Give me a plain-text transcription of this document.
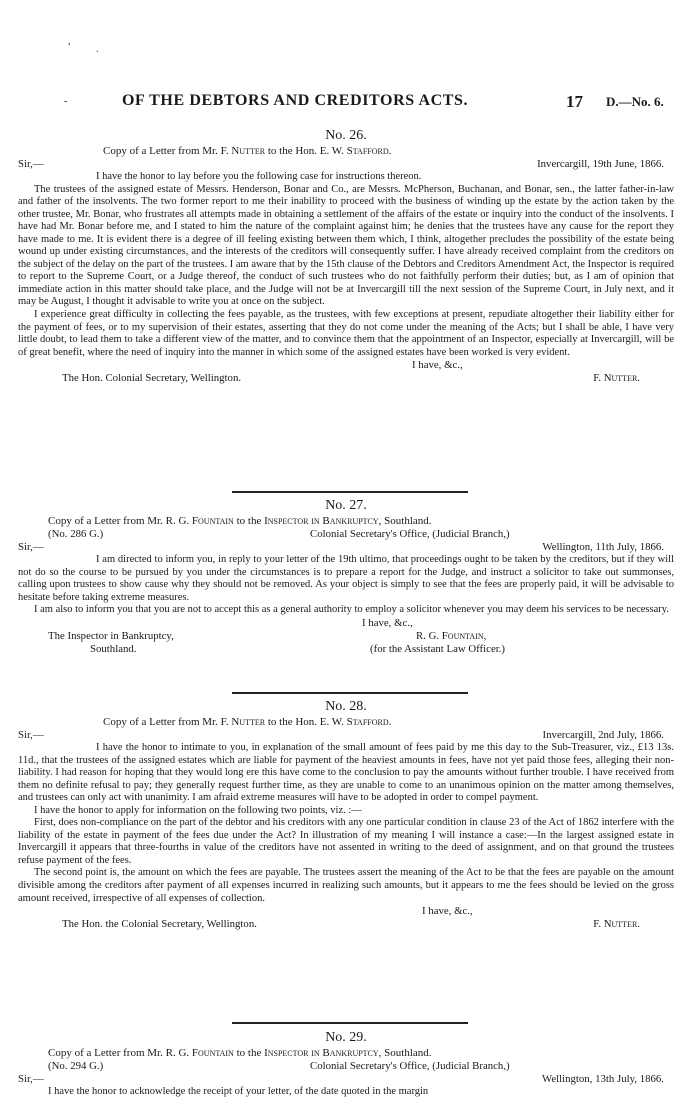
,
.
-	OF THE DEBTORS AND CREDITORS ACTS.	17 D.—No. 6.
No. 26.
Copy of a Letter from Mr. F. Nutter to the Hon. E. W. Stafford.
Sir,—	Invercargill, 19th June, 1866.

I have the honor to lay before you the following case for instructions thereon.

The trustees of the assigned estate of Messrs. Henderson, Bonar and Co., are Messrs. McPherson, Buchanan, and Bonar, sen., the latter father-in-law and father of the insolvents. The two former report to me their inability to proceed with the business of winding up the estate by the action taken by the other trustee, Mr. Bonar, who frustrates all attempts made in obtaining a settlement of the affairs of the estate or inquiry into the conduct of the insolvents. I have had Mr. Bonar before me, and I stated to him the nature of the complaint against him; he denies that the trustees have any cause for the report they have made to me. It is evident there is a degree of ill feeling existing between them which, I think, altogether precludes the possibility of the estate being wound up under existing circumstances, and the interests of the creditors will consequently suffer. I have already received complaint from the creditors on the subject of the delay on the part of the trustees. I am aware that by the 15th clause of the Debtors and Creditors Amendment Act, the Inspector is required to report to the Supreme Court, or a Judge thereof, the conduct of such trustees who do not faithfully perform their duties; but, as I am of opinion that immediate action in this matter should take place, and the Judge will not be at Invercargill till the next session of the Supreme Court, in July next, and it may be August, I thought it advisable to write you at once on the subject.

I experience great difficulty in collecting the fees payable, as the trustees, with few exceptions at present, repudiate altogether their liability either for the payment of fees, or to my supervision of their estates, asserting that they do not come under the meaning of the Acts; but I shall be able, I have very little doubt, to lead them to take a different view of the matter, and to convince them that the appointment of an Inspector, especially at Invercargill, will be of great benefit, where the need of inquiry into the manner in which some of the assigned estates have been worked is very evident.

I have, &c.,
The Hon. Colonial Secretary, Wellington.	F. Nutter.
No. 27.
Copy of a Letter from Mr. R. G. Fountain to the Inspector in Bankruptcy, Southland.
(No. 286 G.)	Colonial Secretary's Office, (Judicial Branch,)
Sir,—	Wellington, 11th July, 1866.

I am directed to inform you, in reply to your letter of the 19th ultimo, that proceedings ought to be taken by the creditors, but if they will not do so the course to be pursued by you under the circumstances is to prepare a report for the Judge, and instruct a solicitor to take out summonses, calling upon trustees to show cause why they should not be removed. As your object is simply to see that the fees are properly paid, it will be advisable to hesitate before taking extreme measures.

I am also to inform you that you are not to accept this as a general authority to employ a solicitor whenever you may deem his services to be necessary.

I have, &c.,
The Inspector in Bankruptcy,	R. G. Fountain,
Southland.	(for the Assistant Law Officer.)
No. 28.
Copy of a Letter from Mr. F. Nutter to the Hon. E. W. Stafford.
Sir,—	Invercargill, 2nd July, 1866.

I have the honor to intimate to you, in explanation of the small amount of fees paid by me this day to the Sub-Treasurer, viz., £13 13s. 11d., that the trustees of the assigned estates which are liable for payment of the heaviest amounts in fees, have not yet paid those fees, alleging their non-liability. I had reason for hoping that they would long ere this have come to the conclusion to pay the amounts without further trouble. I have received from them no definite refusal to pay; they generally request further time, as they are unable to come to an unanimous opinion on the matter among themselves, and trustees can only act with unanimity. I am afraid extreme measures will have to be adopted in order to compel payment.

I have the honor to apply for information on the following two points, viz. :—

First, does non-compliance on the part of the debtor and his creditors with any one particular condition in clause 23 of the Act of 1862 interfere with the liability of the estate in payment of the fees due under the Act? In illustration of my meaning I will instance a case:—In the largest assigned estate in Invercargill it appears that three-fourths in value of the creditors have not assented in writing to the deed of assignment, and on that ground the trustees refuse payment of the fees.

The second point is, the amount on which the fees are payable. The trustees assert the meaning of the Act to be that the fees are payable on the amount divisible among the creditors after payment of all expenses incurred in realizing such amounts, but it appears to me the fees should be levied on the gross amount received, irrespective of all expenses of collection.

I have, &c.,
The Hon. the Colonial Secretary, Wellington.	F. Nutter.
No. 29.
Copy of a Letter from Mr. R. G. Fountain to the Inspector in Bankruptcy, Southland.
(No. 294 G.)	Colonial Secretary's Office, (Judicial Branch,)
Sir,—	Wellington, 13th July, 1866.

I have the honor to acknowledge the receipt of your letter, of the date quoted in the margin
